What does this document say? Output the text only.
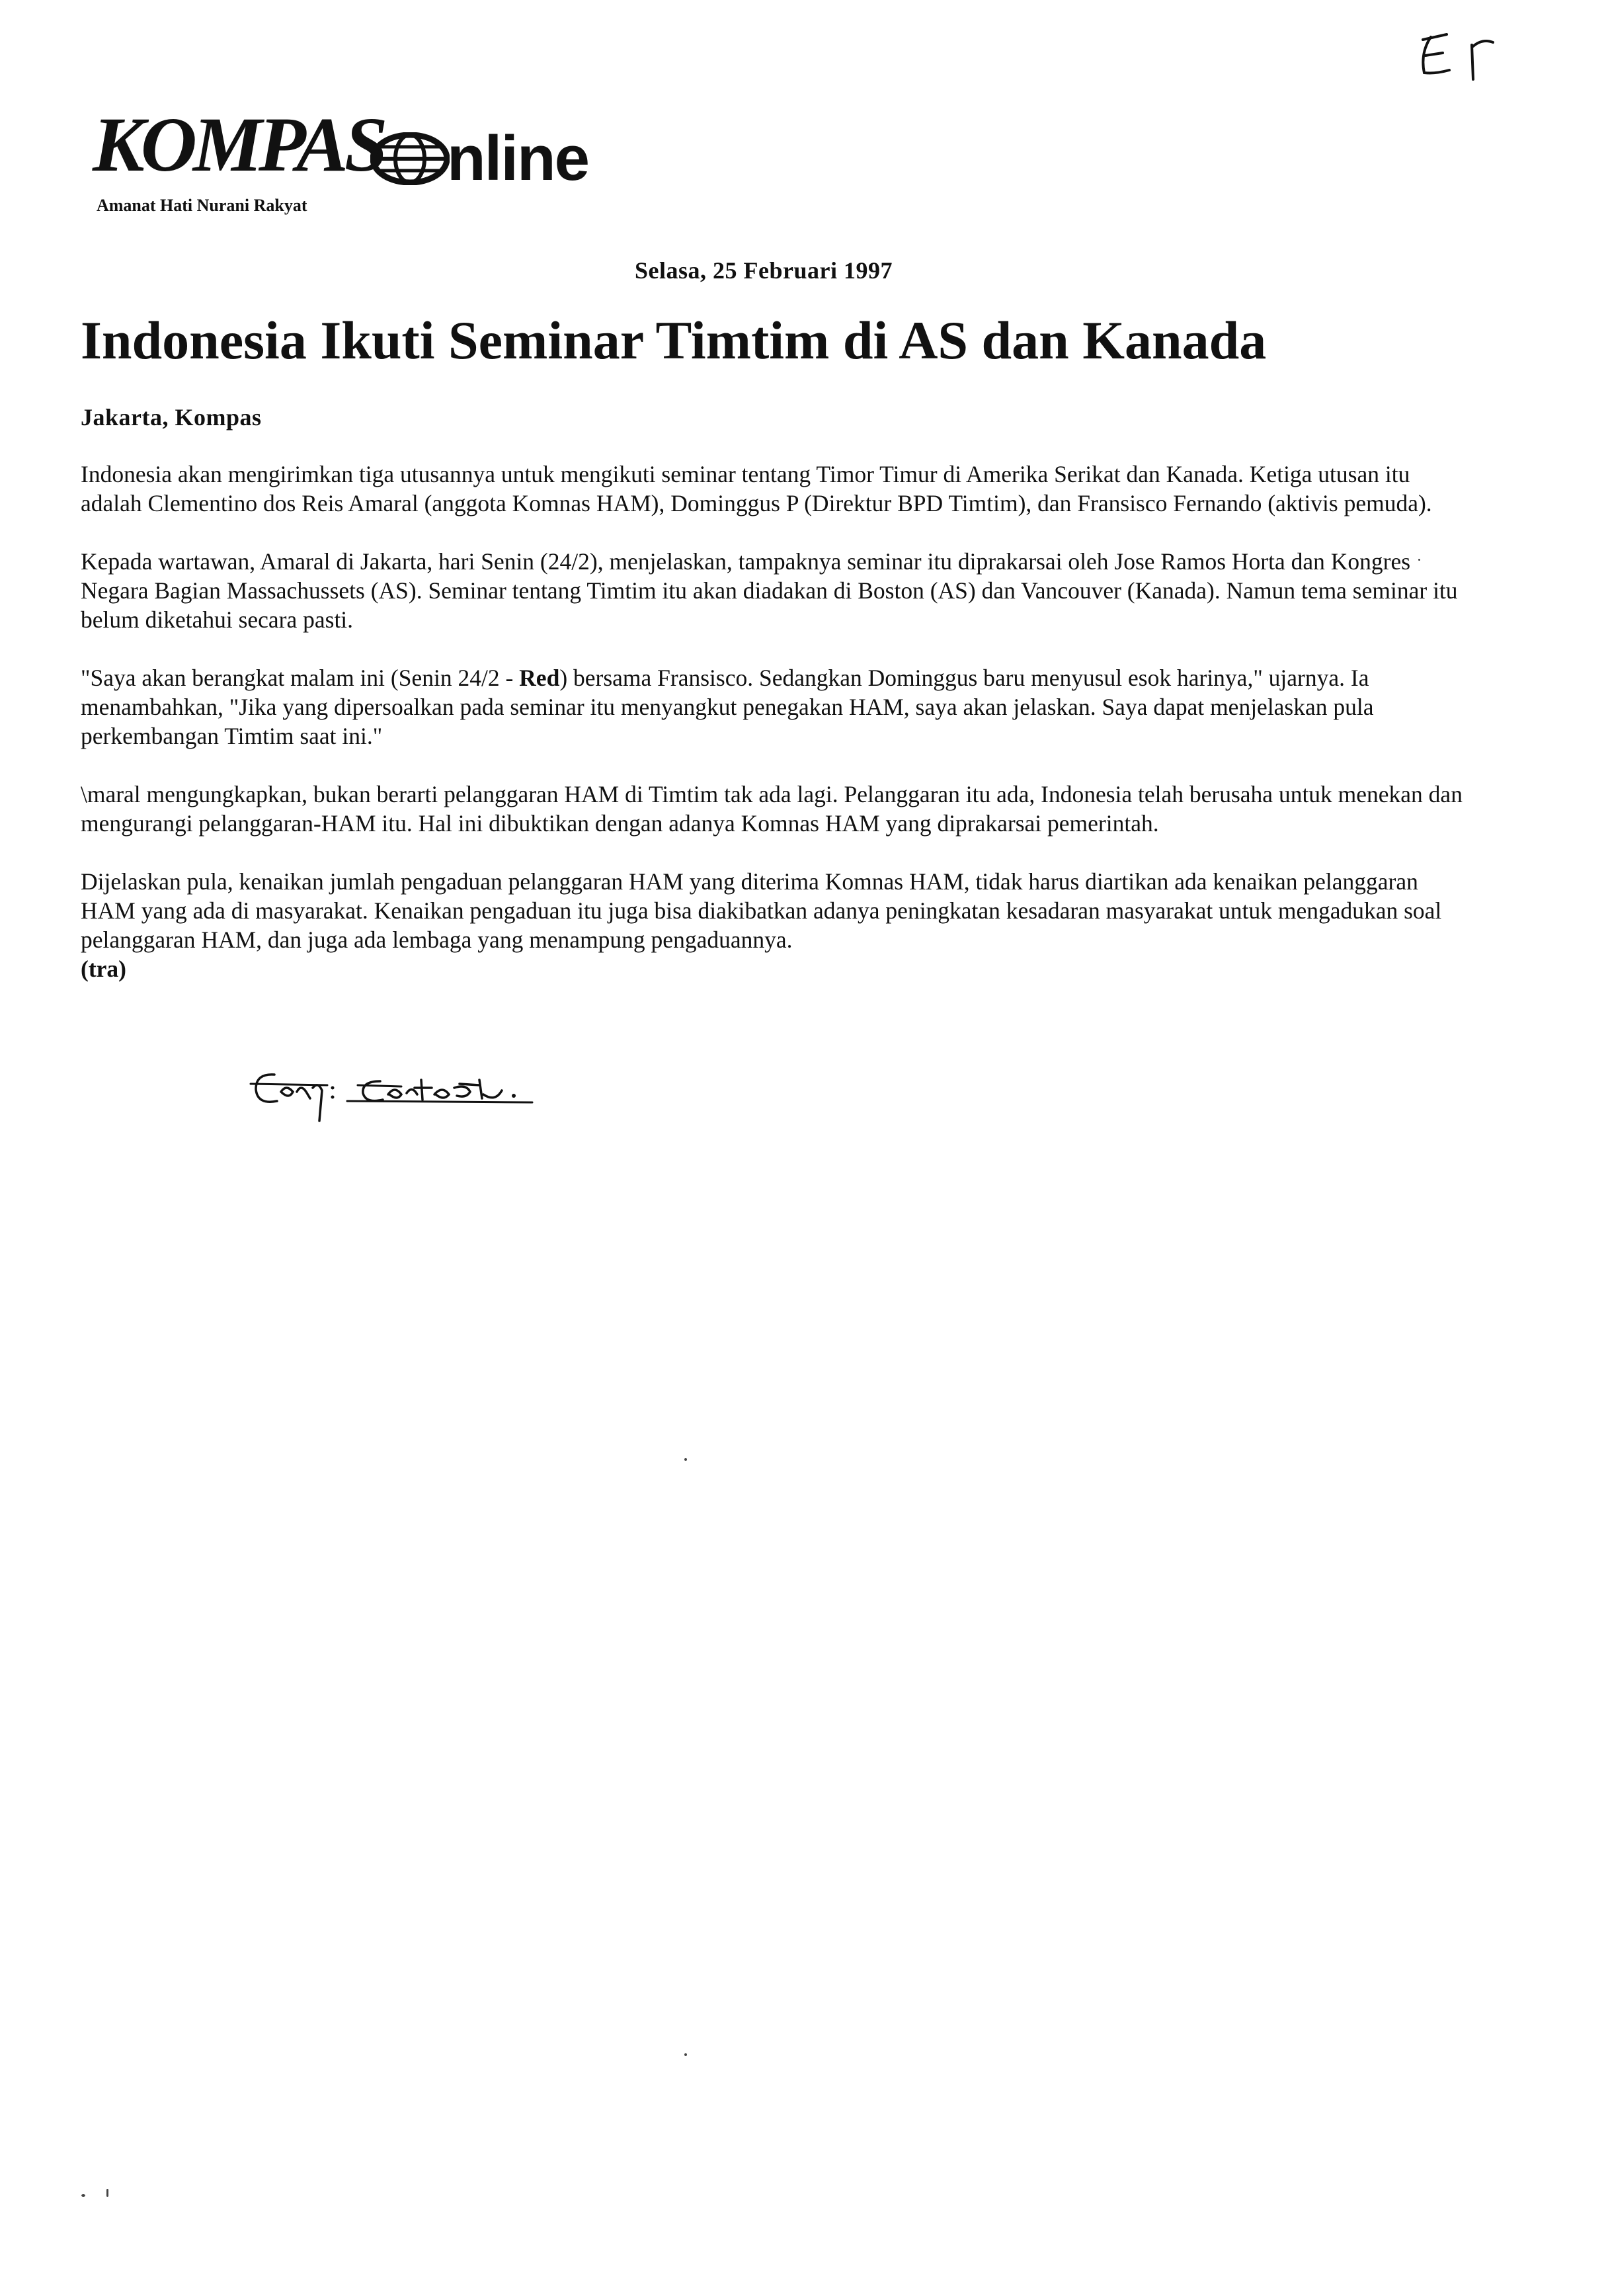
KOMPAS nline
Amanat Hati Nurani Rakyat
Selasa, 25 Februari 1997
Indonesia Ikuti Seminar Timtim di AS dan Kanada
Jakarta, Kompas

Indonesia akan mengirimkan tiga utusannya untuk mengikuti seminar tentang Timor Timur di Amerika Serikat dan Kanada. Ketiga utusan itu adalah Clementino dos Reis Amaral (anggota Komnas HAM), Dominggus P (Direktur BPD Timtim), dan Fransisco Fernando (aktivis pemuda).

Kepada wartawan, Amaral di Jakarta, hari Senin (24/2), menjelaskan, tampaknya seminar itu diprakarsai oleh Jose Ramos Horta dan Kongres Negara Bagian Massachussets (AS). Seminar tentang Timtim itu akan diadakan di Boston (AS) dan Vancouver (Kanada). Namun tema seminar itu belum diketahui secara pasti.

"Saya akan berangkat malam ini (Senin 24/2 - Red) bersama Fransisco. Sedangkan Dominggus baru menyusul esok harinya," ujarnya. Ia menambahkan, "Jika yang dipersoalkan pada seminar itu menyangkut penegakan HAM, saya akan jelaskan. Saya dapat menjelaskan pula perkembangan Timtim saat ini."

\maral mengungkapkan, bukan berarti pelanggaran HAM di Timtim tak ada lagi. Pelanggaran itu ada, Indonesia telah berusaha untuk menekan dan mengurangi pelanggaran-HAM itu. Hal ini dibuktikan dengan adanya Komnas HAM yang diprakarsai pemerintah.

Dijelaskan pula, kenaikan jumlah pengaduan pelanggaran HAM yang diterima Komnas HAM, tidak harus diartikan ada kenaikan pelanggaran HAM yang ada di masyarakat. Kenaikan pengaduan itu juga bisa diakibatkan adanya peningkatan kesadaran masyarakat untuk mengadukan soal pelanggaran HAM, dan juga ada lembaga yang menampung pengaduannya.
(tra)
